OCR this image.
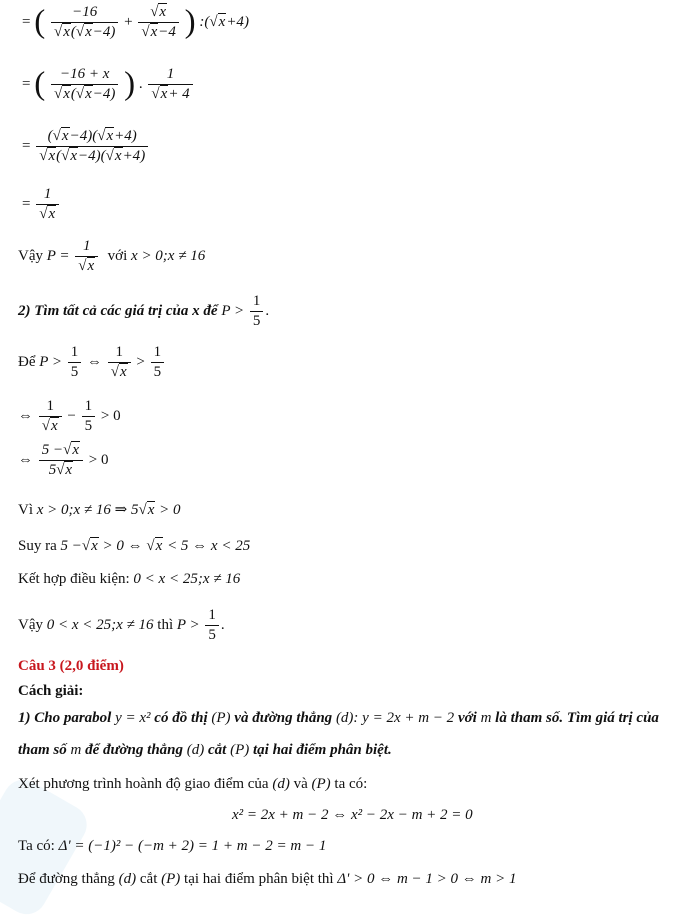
= ( $\frac{-16}{√x(√x-4)} + \frac{√x}{√x-4}$ ) :(√x+4)
= ( $\frac{-16 + x}{√x(√x-4)}$ ) . $\frac{1}{√x+ 4}$
= $\frac{(√x-4)(√x+4)}{√x(√x-4)(√x+4)}$
= $\frac{1}{√x}$
Vậy $P = \frac{1}{√x}$ với x > 0;x ≠ 16
2) Tìm tất cả các giá trị của x để $P > \frac{1}{5}$ .
Để $P > \frac{1}{5}$ ⇔ $\frac{1}{√x} > \frac{1}{5}$
⇔ $\frac{1}{√x} - \frac{1}{5} > 0$
⇔ $\frac{5 -√x}{5√x} > 0$
Vì x > 0;x ≠ 16 ⇒ 5√x > 0
Suy ra 5 −√x > 0 ⇔ √x < 5 ⇔ x < 25
Kết hợp điều kiện: 0 < x < 25;x ≠ 16
Vậy 0 < x < 25;x ≠ 16 thì $P > \frac{1}{5}$ .
Câu 3 (2,0 điểm)
Cách giải:
1) Cho parabol y = x² có đồ thị (P) và đường thẳng (d): y = 2x + m − 2 với m là tham số. Tìm giá trị của
tham số m để đường thẳng (d) cắt (P) tại hai điểm phân biệt.
Xét phương trình hoành độ giao điểm của (d) và (P) ta có:
x² = 2x + m − 2 ⇔ x² − 2x − m + 2 = 0
Ta có: Δ' = (−1)² − (−m + 2) = 1 + m − 2 = m − 1
Để đường thẳng (d) cắt (P) tại hai điểm phân biệt thì Δ' > 0 ⇔ m − 1 > 0 ⇔ m > 1
